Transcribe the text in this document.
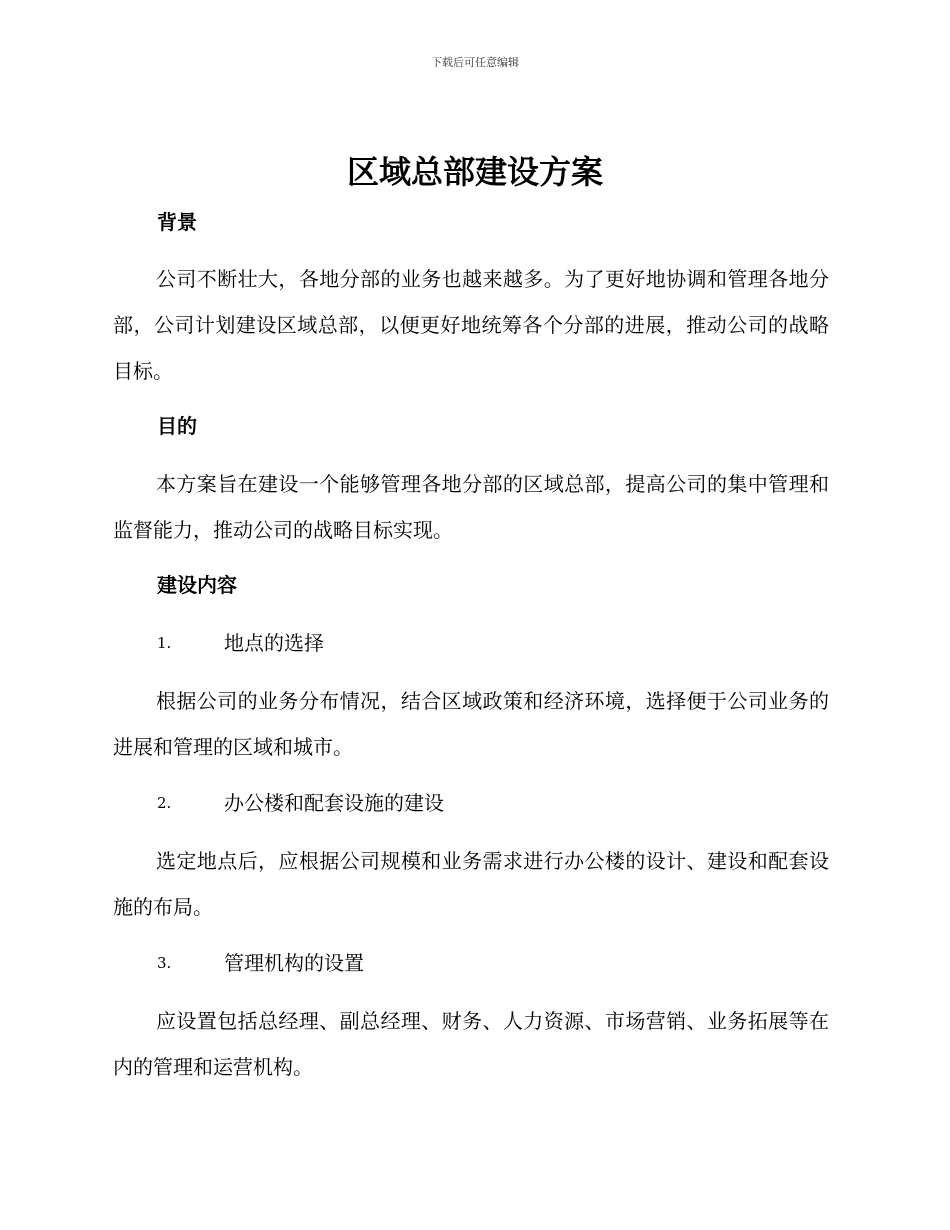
下载后可任意编辑
区域总部建设方案
背景
公司不断壮大，各地分部的业务也越来越多。为了更好地协调和管理各地分部，公司计划建设区域总部，以便更好地统筹各个分部的进展，推动公司的战略目标。
目的
本方案旨在建设一个能够管理各地分部的区域总部，提高公司的集中管理和监督能力，推动公司的战略目标实现。
建设内容
1.	地点的选择
根据公司的业务分布情况，结合区域政策和经济环境，选择便于公司业务的进展和管理的区域和城市。
2.	办公楼和配套设施的建设
选定地点后，应根据公司规模和业务需求进行办公楼的设计、建设和配套设施的布局。
3.	管理机构的设置
应设置包括总经理、副总经理、财务、人力资源、市场营销、业务拓展等在内的管理和运营机构。
